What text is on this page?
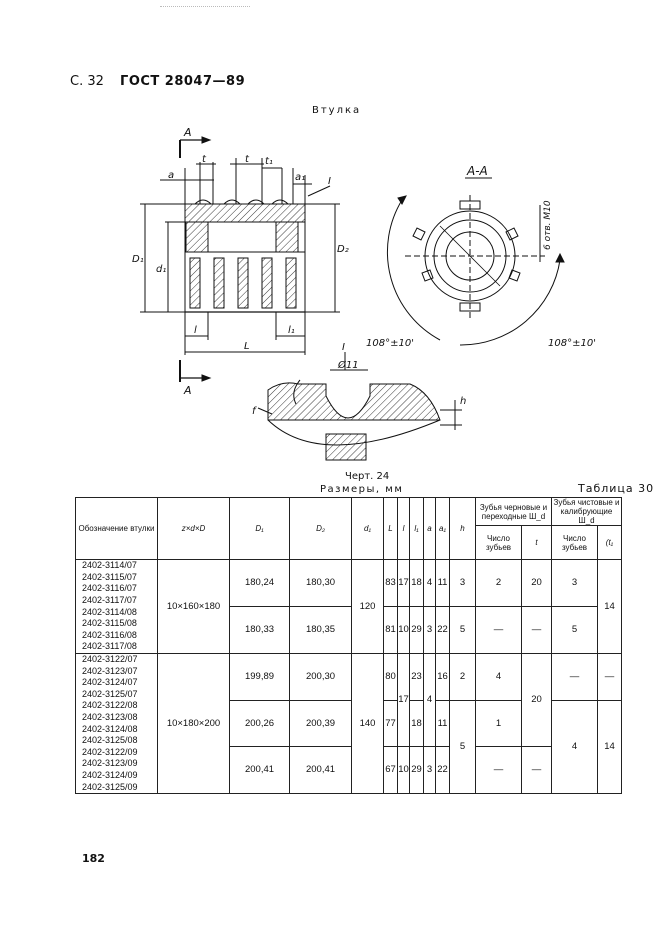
С. 32 ГОСТ 28047—89
Втулка
A
A
a
t	t t₁
a₁ I
D₁
d₁
D₂
l	l₁
L
A-A
6 отв. M10
108°±10'	108°±10'
I
Ø11
h
f
Черт. 24
Размеры, мм	Таблица 30
Обозначение втулки	z×d×D	D₁	D₂	d₁	L	l	l₁	a	a₁	h	Зубья черновые и переходные Ш_d		Зубья чистовые и калибрующие Ш_d	
											Число зубьев	t	Число зубьев	(t₁
2402-3114/07	10×160×180	180,24	180,30	120	83	17	18	4	11	3	2	20	3	14
2402-3115/07														
2402-3116/07														
2402-3117/07														
2402-3114/08		180,33	180,35		81	10	29	3	22	5	—	—	5	
2402-3115/08														
2402-3116/08														
2402-3117/08														
2402-3122/07	10×180×200	199,89	200,30	140	80	17	23	4	16	2	4	20	—	—
2402-3123/07														
2402-3124/07														
2402-3125/07														
2402-3122/08		200,26	200,39		77		18		11	5	1		4	14
2402-3123/08														
2402-3124/08														
2402-3125/08														
2402-3122/09		200,41	200,41		67	10	29	3	22		—	—		
2402-3123/09														
2402-3124/09														
2402-3125/09														
182
